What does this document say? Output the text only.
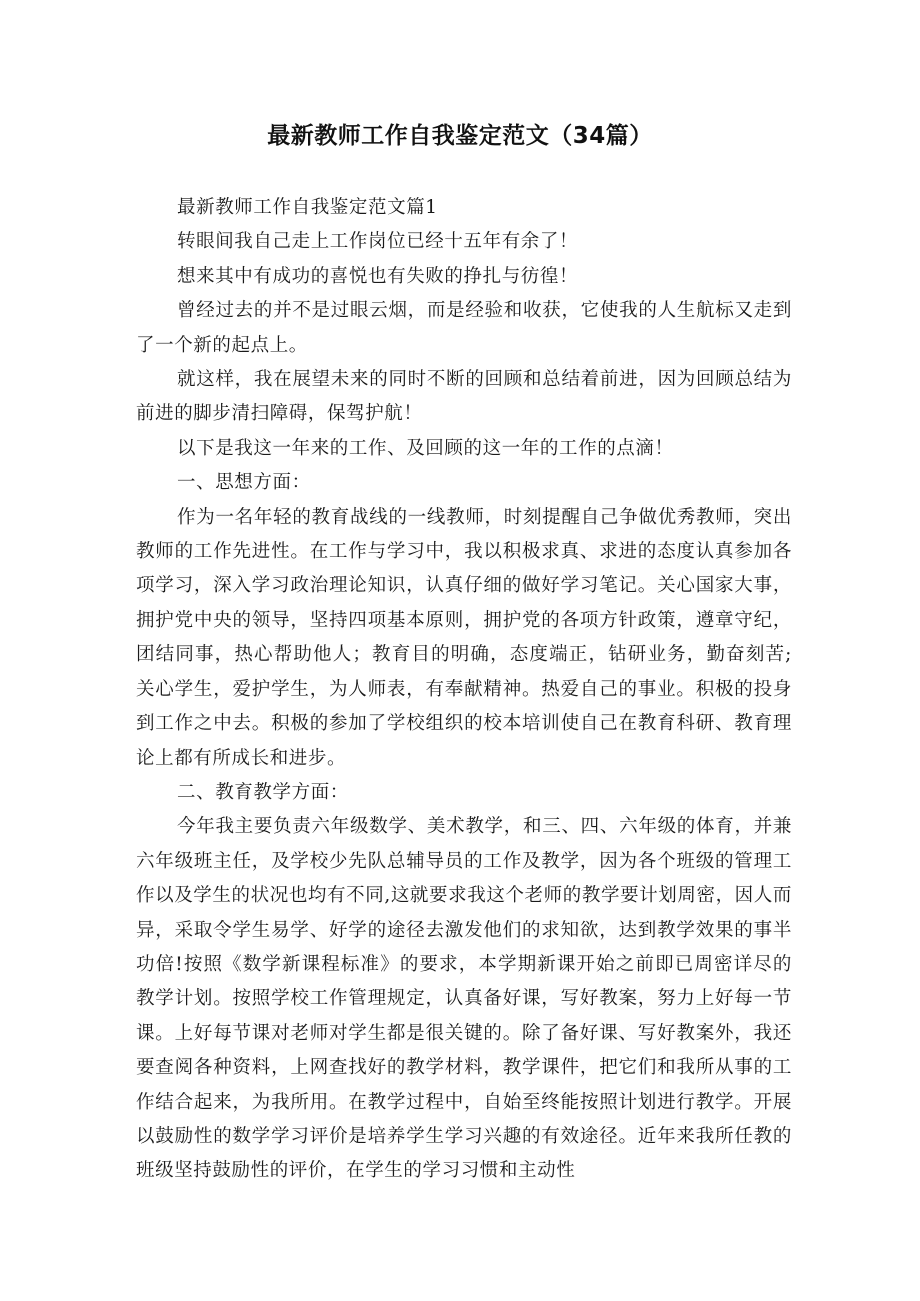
最新教师工作自我鉴定范文（34篇）

最新教师工作自我鉴定范文篇1

转眼间我自己走上工作岗位已经十五年有余了！

想来其中有成功的喜悦也有失败的挣扎与彷徨！

曾经过去的并不是过眼云烟，而是经验和收获，它使我的人生航标又走到了一个新的起点上。

就这样，我在展望未来的同时不断的回顾和总结着前进，因为回顾总结为前进的脚步清扫障碍，保驾护航！

以下是我这一年来的工作、及回顾的这一年的工作的点滴！

一、思想方面：

作为一名年轻的教育战线的一线教师，时刻提醒自己争做优秀教师，突出教师的工作先进性。在工作与学习中，我以积极求真、求进的态度认真参加各项学习，深入学习政治理论知识，认真仔细的做好学习笔记。关心国家大事，拥护党中央的领导，坚持四项基本原则，拥护党的各项方针政策，遵章守纪，团结同事，热心帮助他人；教育目的明确，态度端正，钻研业务，勤奋刻苦;关心学生，爱护学生，为人师表，有奉献精神。热爱自己的事业。积极的投身到工作之中去。积极的参加了学校组织的校本培训使自己在教育科研、教育理论上都有所成长和进步。

二、教育教学方面：

今年我主要负责六年级数学、美术教学，和三、四、六年级的体育，并兼六年级班主任，及学校少先队总辅导员的工作及教学，因为各个班级的管理工作以及学生的状况也均有不同,这就要求我这个老师的教学要计划周密，因人而异，采取令学生易学、好学的途径去激发他们的求知欲，达到教学效果的事半功倍!按照《数学新课程标准》的要求，本学期新课开始之前即已周密详尽的教学计划。按照学校工作管理规定，认真备好课，写好教案，努力上好每一节课。上好每节课对老师对学生都是很关键的。除了备好课、写好教案外，我还要查阅各种资料，上网查找好的教学材料，教学课件，把它们和我所从事的工作结合起来，为我所用。在教学过程中，自始至终能按照计划进行教学。开展以鼓励性的数学学习评价是培养学生学习兴趣的有效途径。近年来我所任教的班级坚持鼓励性的评价，在学生的学习习惯和主动性
